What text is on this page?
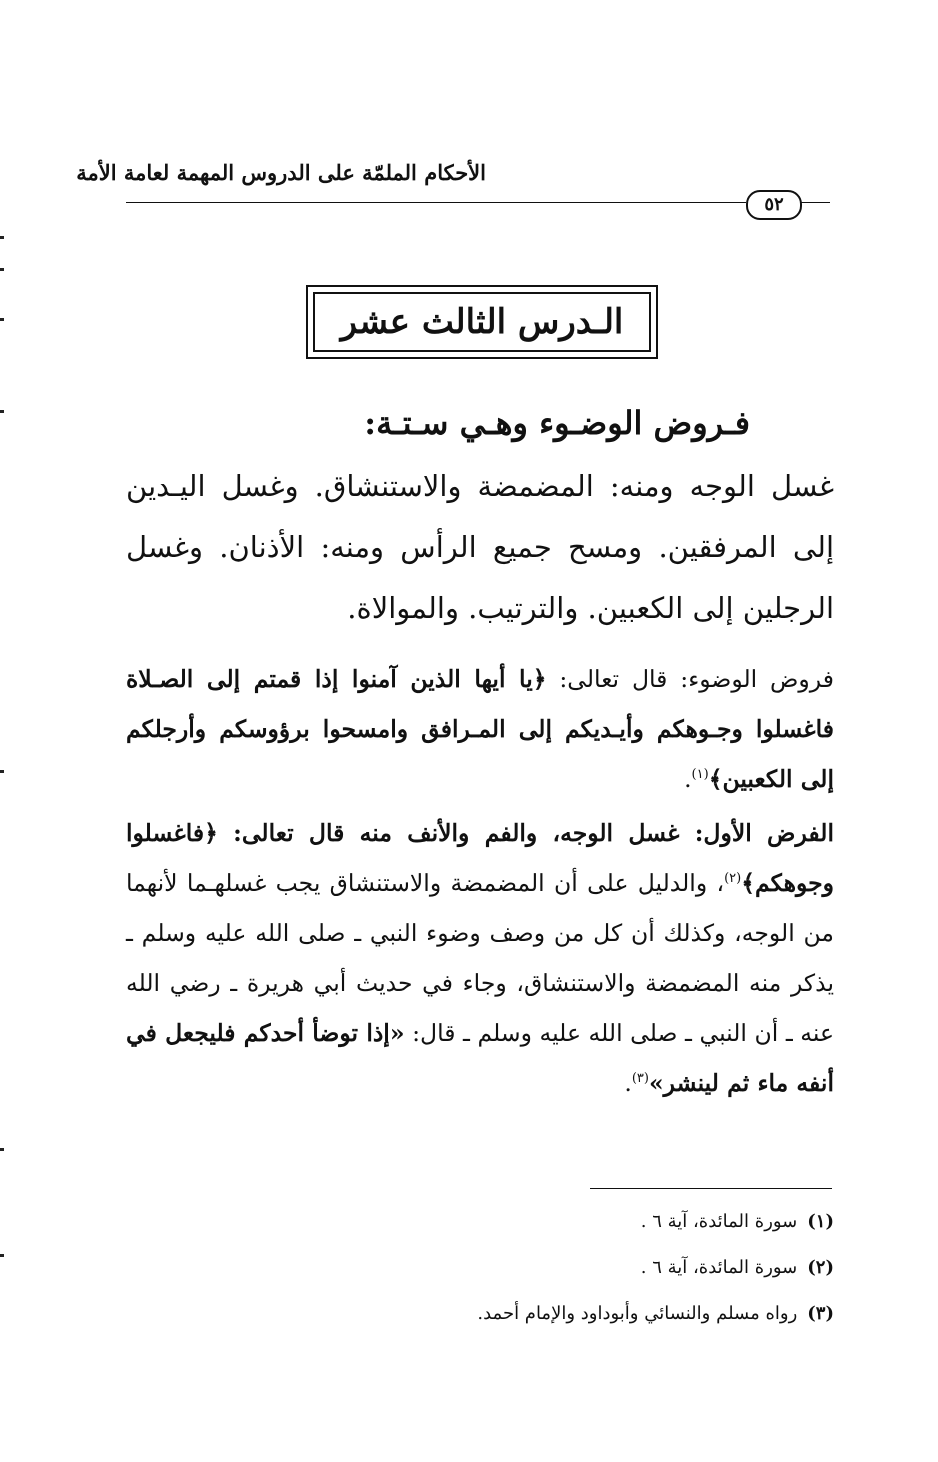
الأحكام الملمّة على الدروس المهمة لعامة الأمة
٥٢
الـدرس الثالث عشر
فـروض الوضـوء وهـي سـتـة:
غسل الوجه ومنه: المضمضة والاستنشاق. وغسل اليـدين إلى المرفقين. ومسح جميع الرأس ومنه: الأذنان. وغسل الرجلين إلى الكعبين. والترتيب. والموالاة.
فروض الوضوء: قال تعالى: ﴿يا أيها الذين آمنوا إذا قمتم إلى الصـلاة فاغسلوا وجـوهكم وأيـديكم إلى المـرافق وامسحوا برؤوسكم وأرجلكم إلى الكعبين﴾$^{(١)}$.
الفرض الأول: غسل الوجه، والفم والأنف منه قال تعالى: ﴿فاغسلوا وجوهكم﴾$^{(٢)}$، والدليل على أن المضمضة والاستنشاق يجب غسلهـما لأنهما من الوجه، وكذلك أن كل من وصف وضوء النبي ـ صلى الله عليه وسلم ـ يذكر منه المضمضة والاستنشاق، وجاء في حديث أبي هريرة ـ رضي الله عنه ـ أن النبي ـ صلى الله عليه وسلم ـ قال: «إذا توضأ أحدكم فليجعل في أنفه ماء ثم لينشر»$^{(٣)}$.
(١)سورة المائدة، آية ٦ .
(٢)سورة المائدة، آية ٦ .
(٣)رواه مسلم والنسائي وأبوداود والإمام أحمد.
